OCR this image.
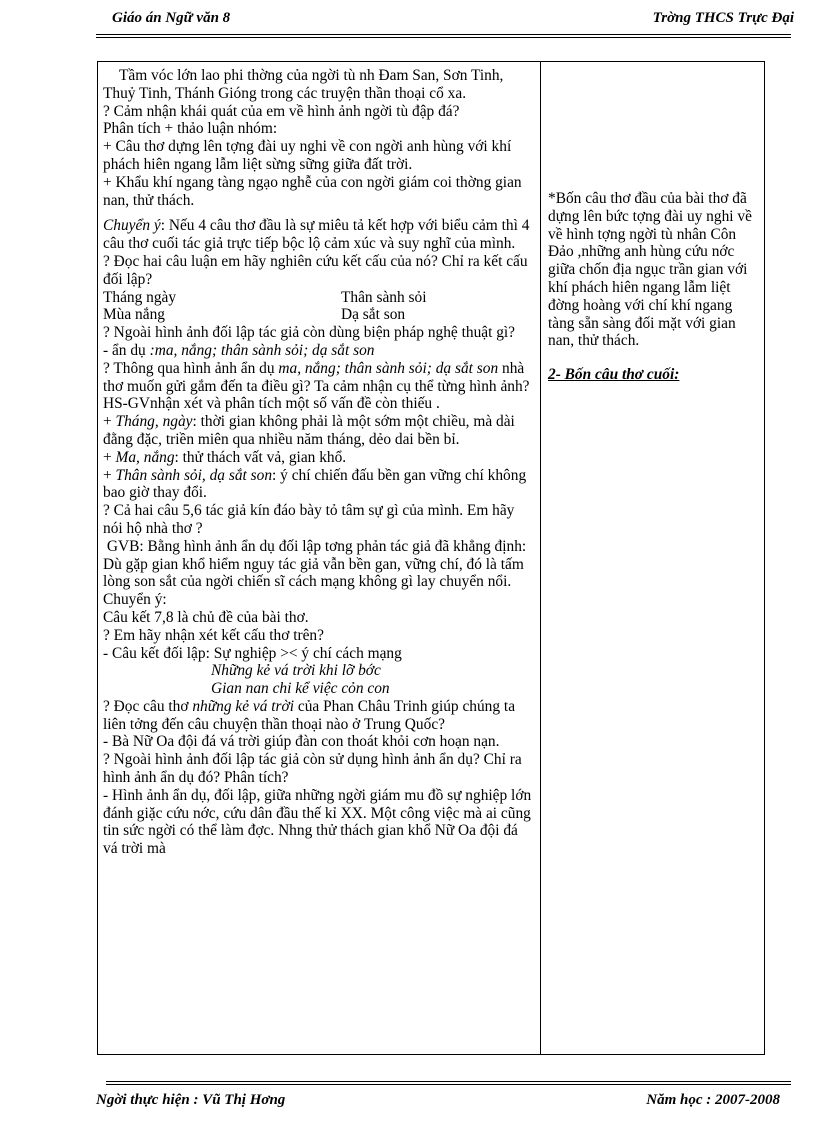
Giáo án Ngữ văn 8	Trờng THCS Trực Đại

Tầm vóc lớn lao phi thờng của ngời tù nh Đam San, Sơn Tinh, Thuỷ Tinh, Thánh Gióng trong các truyện thần thoại cổ xa.

? Cảm nhận khái quát của em về hình ảnh ngời tù đập đá?

Phân tích + thảo luận nhóm:

+ Câu thơ dựng lên tợng đài uy nghi về con ngời anh hùng với khí phách hiên ngang lẫm liệt sừng sững giữa đất trời.

+ Khẩu khí ngang tàng ngạo nghễ của con ngời giám coi thờng gian nan, thử thách.

Chuyển ý: Nếu 4 câu thơ đầu là sự miêu tả kết hợp với biểu cảm thì 4 câu thơ cuối tác giả trực tiếp bộc lộ cảm xúc và suy nghĩ của mình.

? Đọc hai câu luận em hãy nghiên cứu kết cấu của nó? Chỉ ra kết cấu đối lập?

Tháng ngày	Thân sành sỏi

Mùa nắng	Dạ sắt son

? Ngoài hình ảnh đối lập tác giả còn dùng biện pháp nghệ thuật gì?

- ẩn dụ :ma, nắng; thân sành sỏi; dạ sắt son

? Thông qua hình ảnh ẩn dụ ma, nắng; thân sành sỏi; dạ sắt son nhà thơ muốn gửi gắm đến ta điều gì? Ta cảm nhận cụ thể từng hình ảnh?

HS-GVnhận xét và phân tích một số vấn đề còn thiếu .

+ Tháng, ngày: thời gian không phải là một sớm một chiều, mà dài đằng đặc, triền miên qua nhiều năm tháng, dẻo dai bền bỉ.

+ Ma, nắng: thử thách vất vả, gian khổ.

+ Thân sành sỏi, dạ sắt son: ý chí chiến đấu bền gan vững chí không bao giờ thay đổi.

? Cả hai câu 5,6 tác giả kín đáo bày tỏ tâm sự gì của mình. Em hãy nói hộ nhà thơ ?

GVB: Bằng hình ảnh ẩn dụ đối lập tơng phản tác giả đã khẳng định: Dù gặp gian khổ hiểm nguy tác giả vẫn bền gan, vững chí, đó là tấm lòng son sắt của ngời chiến sĩ cách mạng không gì lay chuyển nổi.

Chuyển ý:

Câu kết 7,8 là chủ đề của bài thơ.

? Em hãy nhận xét kết cấu thơ trên?

- Câu kết đối lập: Sự nghiệp >< ý chí cách mạng

Những kẻ vá trời khi lỡ bớc

Gian nan chi kể việc cỏn con

? Đọc câu thơ những kẻ vá trời của Phan Châu Trinh giúp chúng ta liên tởng đến câu chuyện thần thoại nào ở Trung Quốc?

- Bà Nữ Oa đội đá vá trời giúp đàn con thoát khỏi cơn hoạn nạn.

? Ngoài hình ảnh đối lập tác giả còn sử dụng hình ảnh ẩn dụ? Chỉ ra hình ảnh ẩn dụ đó? Phân tích?

- Hình ảnh ẩn dụ, đối lập, giữa những ngời giám mu đồ sự nghiệp lớn đánh giặc cứu nớc, cứu dân đầu thế kỉ XX. Một công việc mà ai cũng tin sức ngời có thể làm đợc. Nhng thử thách gian khổ Nữ Oa đội đá vá trời mà

*Bốn câu thơ đầu của bài thơ đã dựng lên bức tợng đài uy nghi về về hình tợng ngời tù nhân Côn Đảo ,những anh hùng cứu nớc giữa chốn địa ngục trần gian với khí phách hiên ngang lẫm liệt đờng hoàng với chí khí ngang tàng sẵn sàng đối mặt với gian nan, thử thách.

2- Bốn câu thơ cuối:

Ngời thực hiện : Vũ Thị Hơng	Năm học : 2007-2008
